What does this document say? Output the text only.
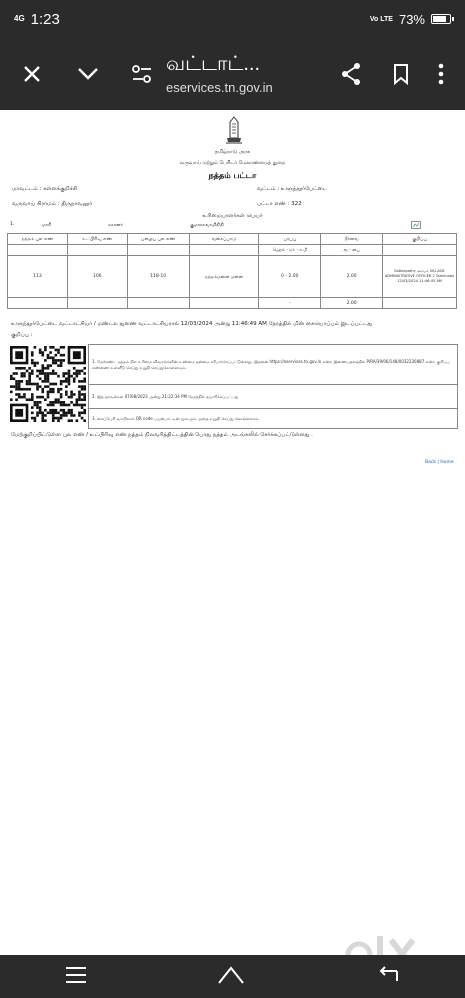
4G 1:23	Vo LTE 73%
வட்டாட்...
eservices.tn.gov.in
தமிழ்நாடு அரசு
வருவாய் மற்றும் பேரிடர் மேலாண்மைத் துறை
நத்தம் பட்டா
மாவட்டம் : கள்ளக்குறிச்சி	வட்டம் : உளுந்தூர்பேட்டை
வருவாய் கிராமம் : திருநாவலூர்	பட்டா எண் : 322
உரிமையாளர்கள் பெயர்
1.	மாரி	சுகானர்	குமாரசுவாமிநிதி
நத்தம் புல எண்	உட்பிரிவு எண்	பழைய புல எண்	வகைப்பாடு	பரப்பு	தீர்வை	குறிப்பு
				ஹெக் - ஏர் - ச.மீ	ரூ - பை	
113	106	118-10	நத்தம்மனை மனை	0 - 2.00	2.00	Sabhapathy அம்மா VILLAGE ADMINISTRATIVE OFFICER 2 Tamilnadu 12/03/2024 11:46:45 AM
				-	2.00	
உளுந்தூர்பேட்டை வட்டாட்சியர் / மண்டல துணை வட்டாட்சியரால் 12/03/2024 அன்று 11:46:49 AM நேரத்தில் மின் கையொப்பம் இடப்பட்டது
குறிப்பு :
1. மேற்கண்ட நத்தம் நில உரிமை விவரங்களின் உண்மை தன்மை சரிபார்க்கப்பட்டுள்ளது. இதனை https://eservices.tn.gov.in என்ற இணையதளத்தில் P/RA/39/06/148/0032230887 என்ற குறிப்பு எண்ணை உள்ளீடு செய்து உறுதி செய்துகொள்ளவும்.
2. இத் தகவல்கள் 07/08/2023 அன்று 21:22:34 PM நேரத்தில் தயாரிக்கப்பட்டது
3. கைப்பேசி வாயிலாக QR code பயன்பாட்டின் மூலமும் அதை உறுதி செய்து கொள்ளலாம்.
மேற்குறிப்பிட்டுள்ள புல எண் / உட்பிரிவு எண் நத்தம் நிலவரித்திட்டத்தின் போது நத்தம் அடங்கலில் சேர்க்கப்பட்டுள்ளது .
Back | Home
